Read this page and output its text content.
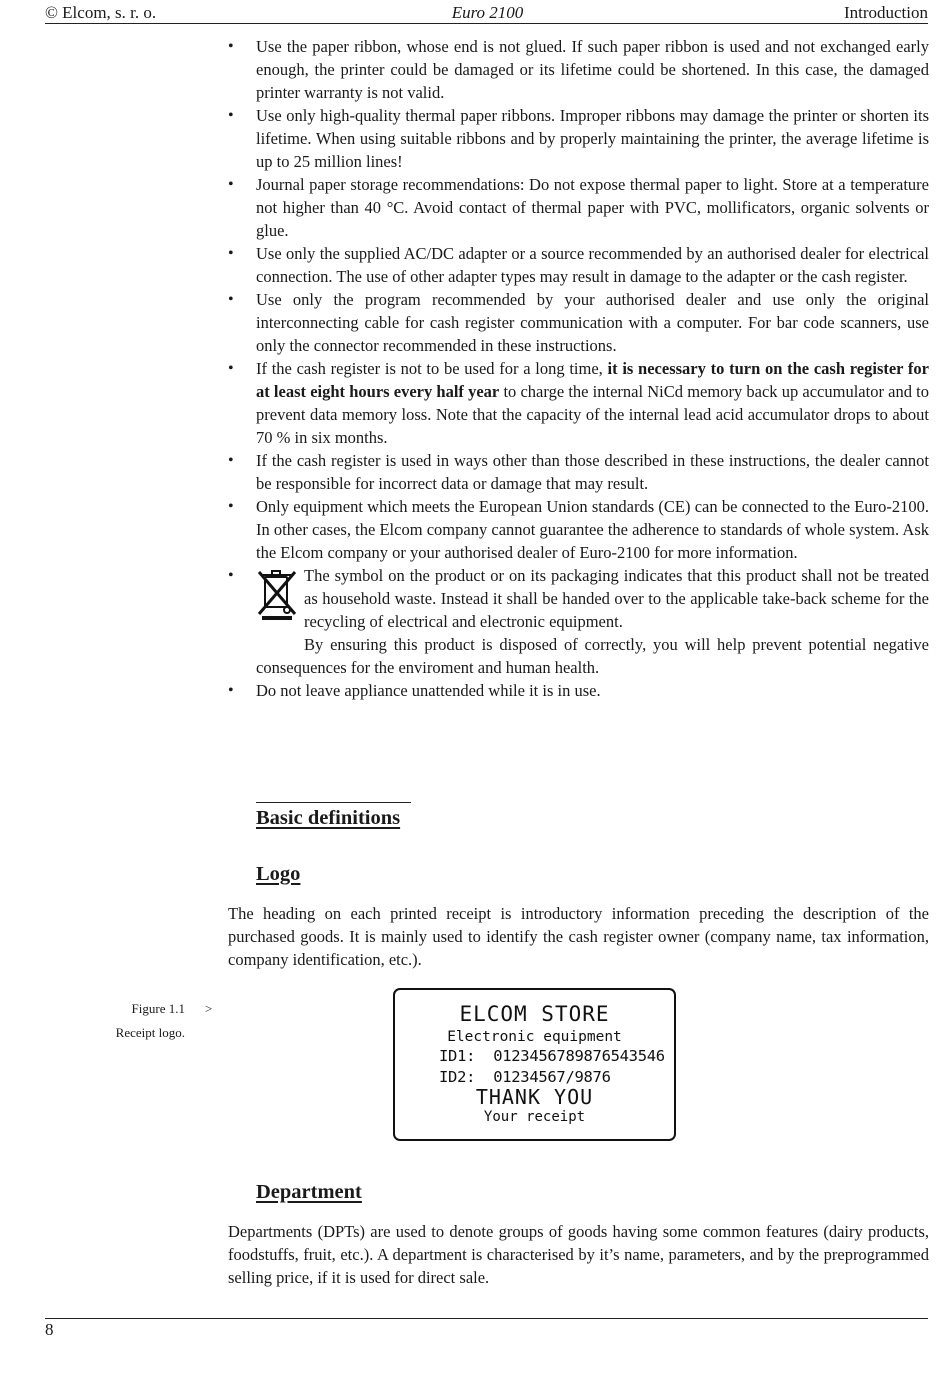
© Elcom, s. r. o.	Euro 2100	Introduction
• Use the paper ribbon, whose end is not glued. If such paper ribbon is used and not exchanged early enough, the printer could be damaged or its lifetime could be shortened. In this case, the damaged printer warranty is not valid.
• Use only high-quality thermal paper ribbons. Improper ribbons may damage the printer or shorten its lifetime. When using suitable ribbons and by properly maintaining the printer, the average lifetime is up to 25 million lines!
• Journal paper storage recommendations: Do not expose thermal paper to light. Store at a temperature not higher than 40 °C. Avoid contact of thermal paper with PVC, mollificators, organic solvents or glue.
• Use only the supplied AC/DC adapter or a source recommended by an authorised dealer for electrical connection. The use of other adapter types may result in damage to the adapter or the cash register.
• Use only the program recommended by your authorised dealer and use only the original interconnecting cable for cash register communication with a computer. For bar code scanners, use only the connector recommended in these instructions.
• If the cash register is not to be used for a long time, it is necessary to turn on the cash register for at least eight hours every half year to charge the internal NiCd memory back up accumulator and to prevent data memory loss. Note that the capacity of the internal lead acid accumulator drops to about 70 % in six months.
• If the cash register is used in ways other than those described in these instructions, the dealer cannot be responsible for incorrect data or damage that may result.
• Only equipment which meets the European Union standards (CE) can be connected to the Euro-2100. In other cases, the Elcom company cannot guarantee the adherence to standards of whole system. Ask the Elcom company or your authorised dealer of Euro-2100 for more information.
• The symbol on the product or on its packaging indicates that this product shall not be treated as household waste. Instead it shall be handed over to the applicable take-back scheme for the recycling of electrical and electronic equipment.
By ensuring this product is disposed of correctly, you will help prevent potential negative consequences for the enviroment and human health.
• Do not leave appliance unattended while it is in use.
Basic definitions
Logo
The heading on each printed receipt is introductory information preceding the description of the purchased goods. It is mainly used to identify the cash register owner (company name, tax information, company identification, etc.).
Figure 1.1 >
Receipt logo.
ELCOM STORE
Electronic equipment
ID1:  0123456789876543546
ID2:  01234567/9876
THANK YOU
Your receipt
Department
Departments (DPTs) are used to denote groups of goods having some common features (dairy products, foodstuffs, fruit, etc.). A department is characterised by it’s name, parameters, and by the preprogrammed selling price, if it is used for direct sale.
8
